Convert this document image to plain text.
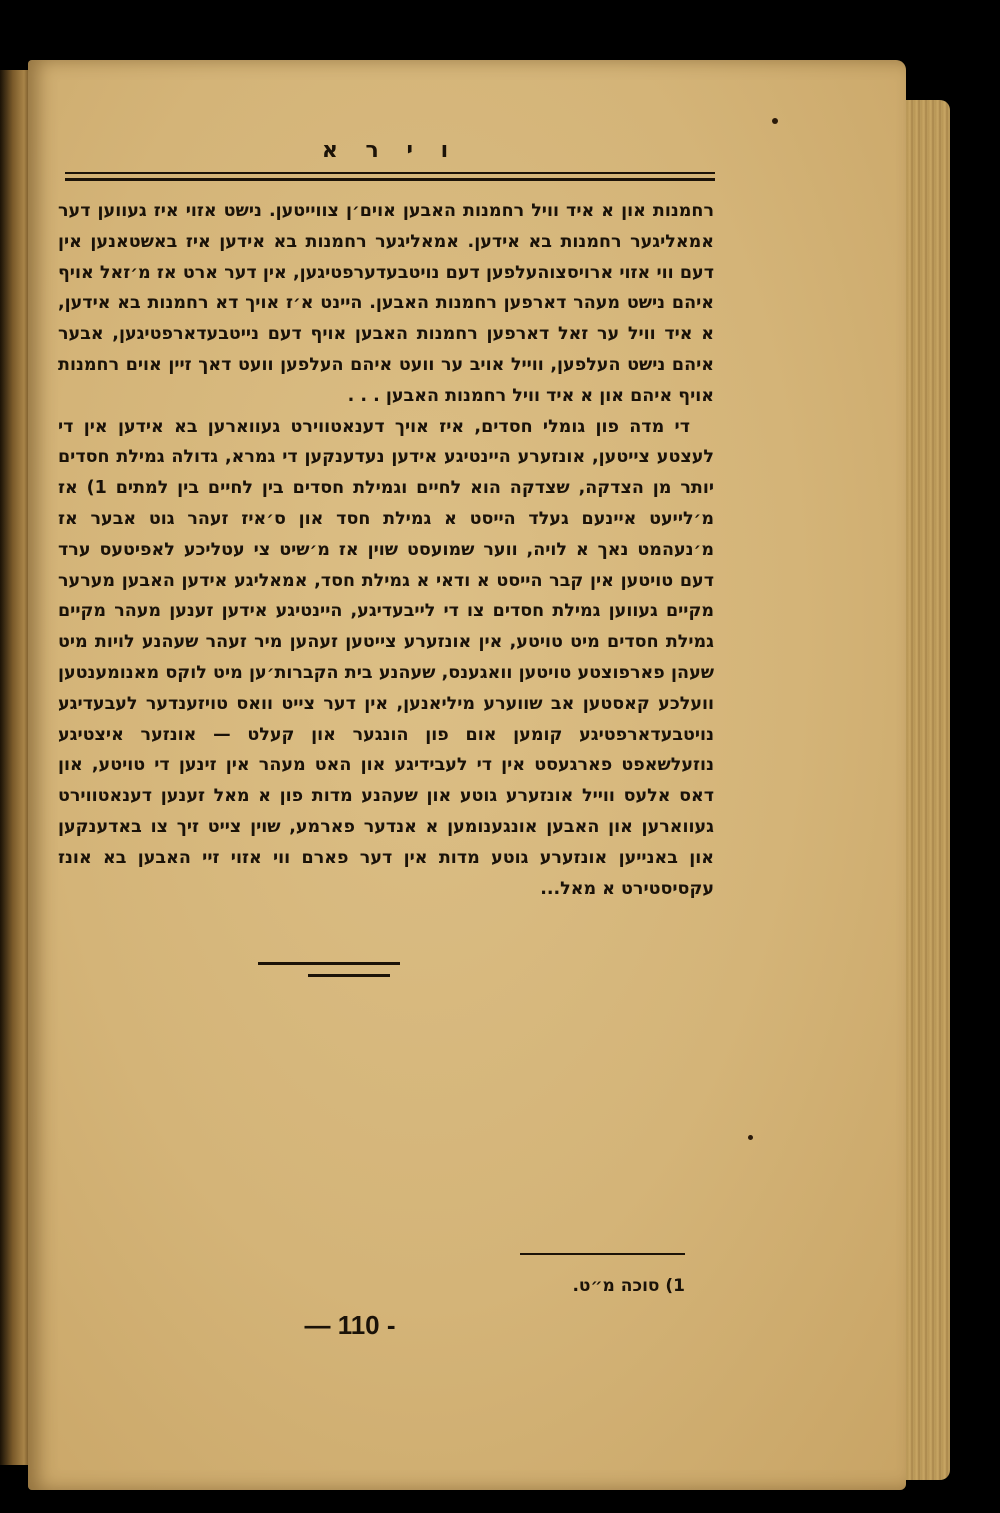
ו י ר א

רחמנות און א איד וויל רחמנות האבען אוים׳ן צווייטען. נישט אזוי איז געווען דער אמאליגער רחמנות בא אידען. אמאליגער רחמנות בא אידען איז באשטאנען אין דעם ווי אזוי ארויסצוהעלפען דעם נויטבעדערפטיגען, אין דער ארט אז מ׳זאל אויף איהם נישט מעהר דארפען רחמנות האבען. היינט א׳ז אויך דא רחמנות בא אידען, א איד וויל ער זאל דארפען רחמנות האבען אויף דעם נייטבעדארפטיגען, אבער איהם נישט העלפען, ווייל אויב ער וועט איהם העלפען וועט דאך זיין אוים רחמנות אויף איהם און א איד וויל רחמנות האבען . . .

די מדה פון גומלי חסדים, איז אויך דענאטווירט געווארען בא אידען אין די לעצטע צייטען, אונזערע היינטיגע אידען נעדענקען די גמרא, גדולה גמילת חסדים יותר מן הצדקה, שצדקה הוא לחיים וגמילת חסדים בין לחיים בין למתים 1) אז מ׳לייעט איינעם געלד הייסט א גמילת חסד און ס׳איז זעהר גוט אבער אז מ׳נעהמט נאך א לויה, ווער שמועסט שוין אז מ׳שיט צי עטליכע לאפיטעס ערד דעם טויטען אין קבר הייסט א ודאי א גמילת חסד, אמאליגע אידען האבען מערער מקיים געווען גמילת חסדים צו די לייבעדיגע, היינטיגע אידען זענען מעהר מקיים גמילת חסדים מיט טויטע, אין אונזערע צייטען זעהען מיר זעהר שעהנע לויות מיט שעהן פארפוצטע טויטען וואגענס, שעהנע בית הקברות׳ען מיט לוקס מאנומענטען וועלכע קאסטען אב שווערע מיליאנען, אין דער צייט וואס טויזענדער לעבעדיגע נויטבעדארפטיגע קומען אום פון הונגער און קעלט — אונזער איצטיגע נוזעלשאפט פארגעסט אין די לעבידיגע און האט מעהר אין זינען די טויטע, און דאס אלעס ווייל אונזערע גוטע און שעהנע מדות פון א מאל זענען דענאטווירט געווארען און האבען אונגענומען א אנדער פארמע, שוין צייט זיך צו באדענקען און באנייען אונזערע גוטע מדות אין דער פארם ווי אזוי זיי האבען בא אונז עקסיסטירט א מאל...

1) סוכה מ״ט.
— 110 -
